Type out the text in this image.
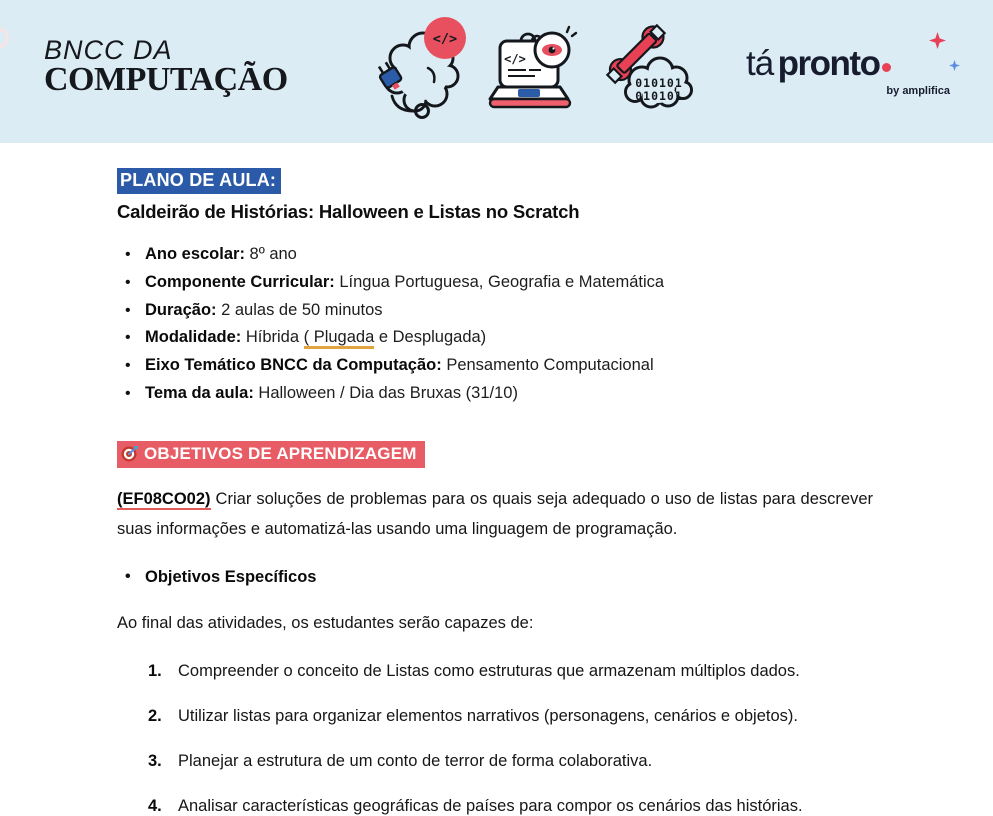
BNCC DA
COMPUTAÇÃO
</>
</>
010101
010101
tá pronto
by amplifica
PLANO DE AULA:
Caldeirão de Histórias: Halloween e Listas no Scratch
• Ano escolar: 8º ano
• Componente Curricular: Língua Portuguesa, Geografia e Matemática
• Duração: 2 aulas de 50 minutos
• Modalidade: Híbrida ( Plugada e Desplugada)
• Eixo Temático BNCC da Computação: Pensamento Computacional
• Tema da aula: Halloween / Dia das Bruxas (31/10)
OBJETIVOS DE APRENDIZAGEM

(EF08CO02) Criar soluções de problemas para os quais seja adequado o uso de listas para descrever suas informações e automatizá-las usando uma linguagem de programação.

• Objetivos Específicos
Ao final das atividades, os estudantes serão capazes de:
1. Compreender o conceito de Listas como estruturas que armazenam múltiplos dados.
2. Utilizar listas para organizar elementos narrativos (personagens, cenários e objetos).
3. Planejar a estrutura de um conto de terror de forma colaborativa.
4. Analisar características geográficas de países para compor os cenários das histórias.
